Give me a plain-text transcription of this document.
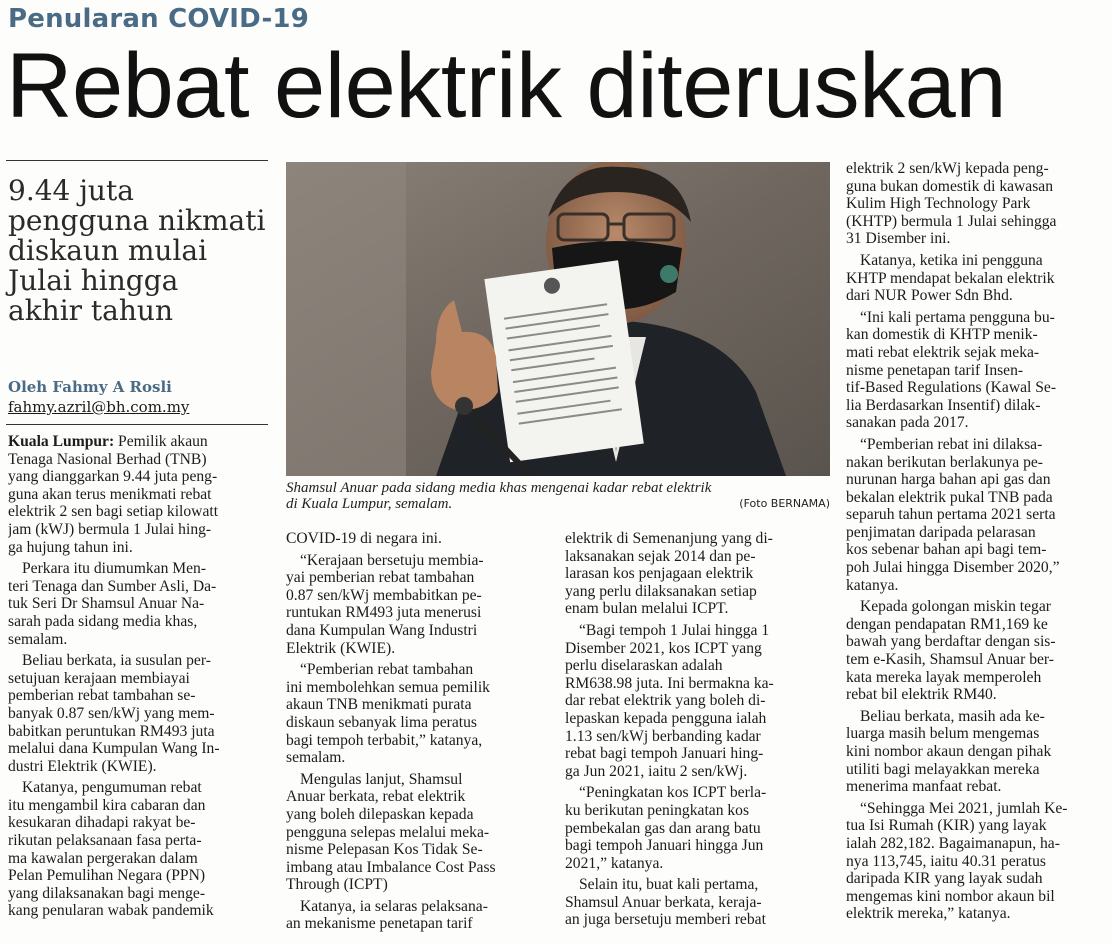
Penularan COVID-19
Rebat elektrik diteruskan
9.44 juta
pengguna nikmati
diskaun mulai
Julai hingga
akhir tahun
Oleh Fahmy A Rosli
fahmy.azril@bh.com.my
Shamsul Anuar pada sidang media khas mengenai kadar rebat elektrik
di Kuala Lumpur, semalam.	(Foto BERNAMA)

Kuala Lumpur: Pemilik akaun
Tenaga Nasional Berhad (TNB)
yang dianggarkan 9.44 juta peng-
guna akan terus menikmati rebat
elektrik 2 sen bagi setiap kilowatt
jam (kWJ) bermula 1 Julai hing-
ga hujung tahun ini.

Perkara itu diumumkan Men-
teri Tenaga dan Sumber Asli, Da-
tuk Seri Dr Shamsul Anuar Na-
sarah pada sidang media khas,
semalam.

Beliau berkata, ia susulan per-
setujuan kerajaan membiayai
pemberian rebat tambahan se-
banyak 0.87 sen/kWj yang mem-
babitkan peruntukan RM493 juta
melalui dana Kumpulan Wang In-
dustri Elektrik (KWIE).

Katanya, pengumuman rebat
itu mengambil kira cabaran dan
kesukaran dihadapi rakyat be-
rikutan pelaksanaan fasa perta-
ma kawalan pergerakan dalam
Pelan Pemulihan Negara (PPN)
yang dilaksanakan bagi menge-
kang penularan wabak pandemik

COVID-19 di negara ini.

“Kerajaan bersetuju membia-
yai pemberian rebat tambahan
0.87 sen/kWj membabitkan pe-
runtukan RM493 juta menerusi
dana Kumpulan Wang Industri
Elektrik (KWIE).

“Pemberian rebat tambahan
ini membolehkan semua pemilik
akaun TNB menikmati purata
diskaun sebanyak lima peratus
bagi tempoh terbabit,” katanya,
semalam.

Mengulas lanjut, Shamsul
Anuar berkata, rebat elektrik
yang boleh dilepaskan kepada
pengguna selepas melalui meka-
nisme Pelepasan Kos Tidak Se-
imbang atau Imbalance Cost Pass
Through (ICPT)

Katanya, ia selaras pelaksana-
an mekanisme penetapan tarif

elektrik di Semenanjung yang di-
laksanakan sejak 2014 dan pe-
larasan kos penjagaan elektrik
yang perlu dilaksanakan setiap
enam bulan melalui ICPT.

“Bagi tempoh 1 Julai hingga 1
Disember 2021, kos ICPT yang
perlu diselaraskan adalah
RM638.98 juta. Ini bermakna ka-
dar rebat elektrik yang boleh di-
lepaskan kepada pengguna ialah
1.13 sen/kWj berbanding kadar
rebat bagi tempoh Januari hing-
ga Jun 2021, iaitu 2 sen/kWj.

“Peningkatan kos ICPT berla-
ku berikutan peningkatan kos
pembekalan gas dan arang batu
bagi tempoh Januari hingga Jun
2021,” katanya.

Selain itu, buat kali pertama,
Shamsul Anuar berkata, keraja-
an juga bersetuju memberi rebat

elektrik 2 sen/kWj kepada peng-
guna bukan domestik di kawasan
Kulim High Technology Park
(KHTP) bermula 1 Julai sehingga
31 Disember ini.

Katanya, ketika ini pengguna
KHTP mendapat bekalan elektrik
dari NUR Power Sdn Bhd.

“Ini kali pertama pengguna bu-
kan domestik di KHTP menik-
mati rebat elektrik sejak meka-
nisme penetapan tarif Insen-
tif-Based Regulations (Kawal Se-
lia Berdasarkan Insentif) dilak-
sanakan pada 2017.

“Pemberian rebat ini dilaksa-
nakan berikutan berlakunya pe-
nurunan harga bahan api gas dan
bekalan elektrik pukal TNB pada
separuh tahun pertama 2021 serta
penjimatan daripada pelarasan
kos sebenar bahan api bagi tem-
poh Julai hingga Disember 2020,”
katanya.

Kepada golongan miskin tegar
dengan pendapatan RM1,169 ke
bawah yang berdaftar dengan sis-
tem e-Kasih, Shamsul Anuar ber-
kata mereka layak memperoleh
rebat bil elektrik RM40.

Beliau berkata, masih ada ke-
luarga masih belum mengemas
kini nombor akaun dengan pihak
utiliti bagi melayakkan mereka
menerima manfaat rebat.

“Sehingga Mei 2021, jumlah Ke-
tua Isi Rumah (KIR) yang layak
ialah 282,182. Bagaimanapun, ha-
nya 113,745, iaitu 40.31 peratus
daripada KIR yang layak sudah
mengemas kini nombor akaun bil
elektrik mereka,” katanya.
